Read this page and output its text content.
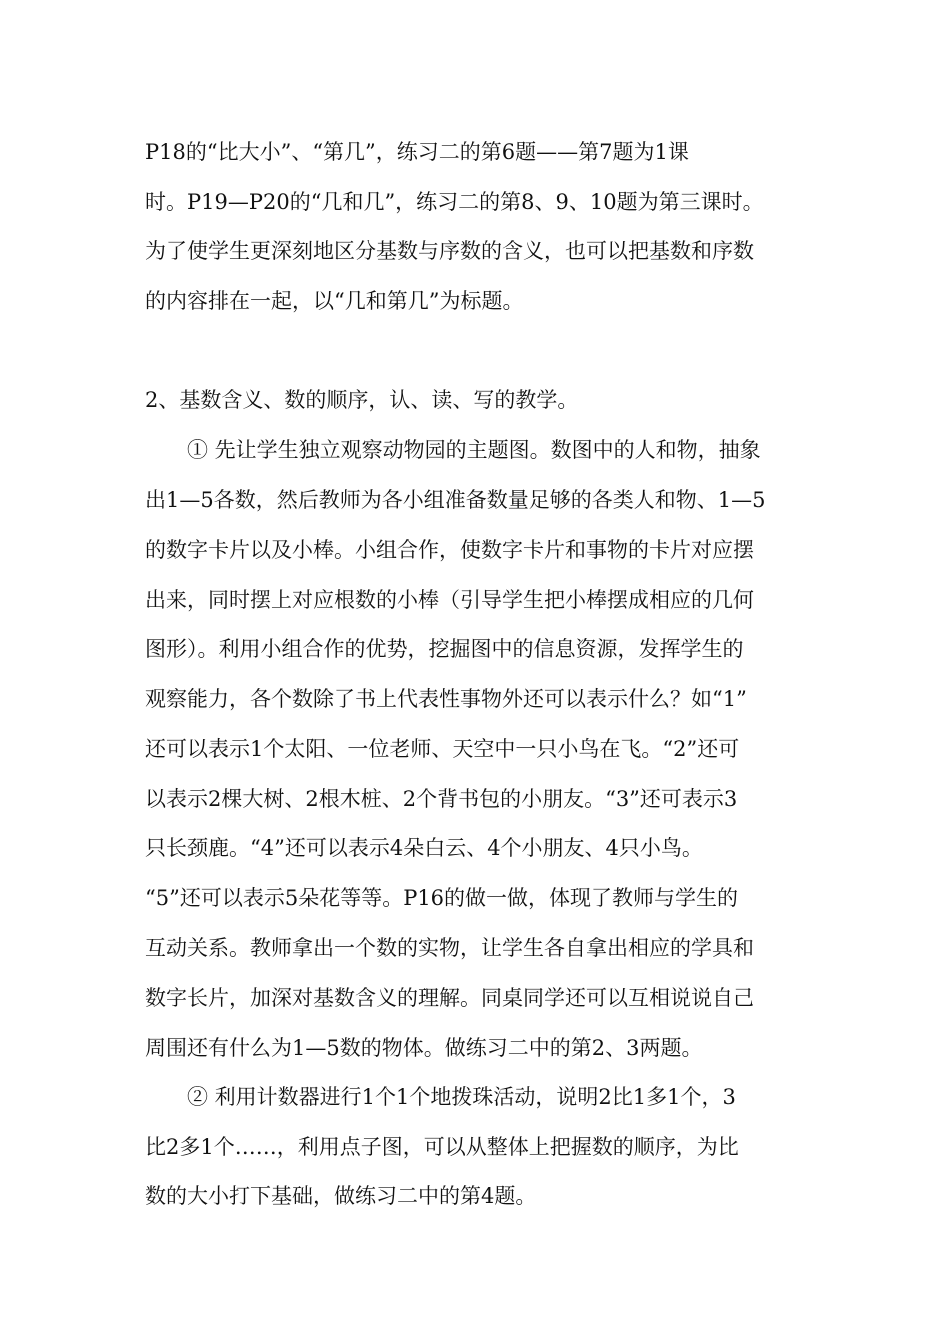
P18的“比大小”、“第几”，练习二的第6题——第7题为1课
时。P19—P20的“几和几”，练习二的第8、9、10题为第三课时。
为了使学生更深刻地区分基数与序数的含义，也可以把基数和序数
的内容排在一起，以“几和第几”为标题。
2、基数含义、数的顺序，认、读、写的教学。
① 先让学生独立观察动物园的主题图。数图中的人和物，抽象
出1—5各数，然后教师为各小组准备数量足够的各类人和物、1—5
的数字卡片以及小棒。小组合作，使数字卡片和事物的卡片对应摆
出来，同时摆上对应根数的小棒（引导学生把小棒摆成相应的几何
图形）。利用小组合作的优势，挖掘图中的信息资源，发挥学生的
观察能力，各个数除了书上代表性事物外还可以表示什么？如“1”
还可以表示1个太阳、一位老师、天空中一只小鸟在飞。“2”还可
以表示2棵大树、2根木桩、2个背书包的小朋友。“3”还可表示3
只长颈鹿。“4”还可以表示4朵白云、4个小朋友、4只小鸟。
“5”还可以表示5朵花等等。P16的做一做，体现了教师与学生的
互动关系。教师拿出一个数的实物，让学生各自拿出相应的学具和
数字长片，加深对基数含义的理解。同桌同学还可以互相说说自己
周围还有什么为1—5数的物体。做练习二中的第2、3两题。
② 利用计数器进行1个1个地拨珠活动，说明2比1多1个，3
比2多1个……，利用点子图，可以从整体上把握数的顺序，为比
数的大小打下基础，做练习二中的第4题。
